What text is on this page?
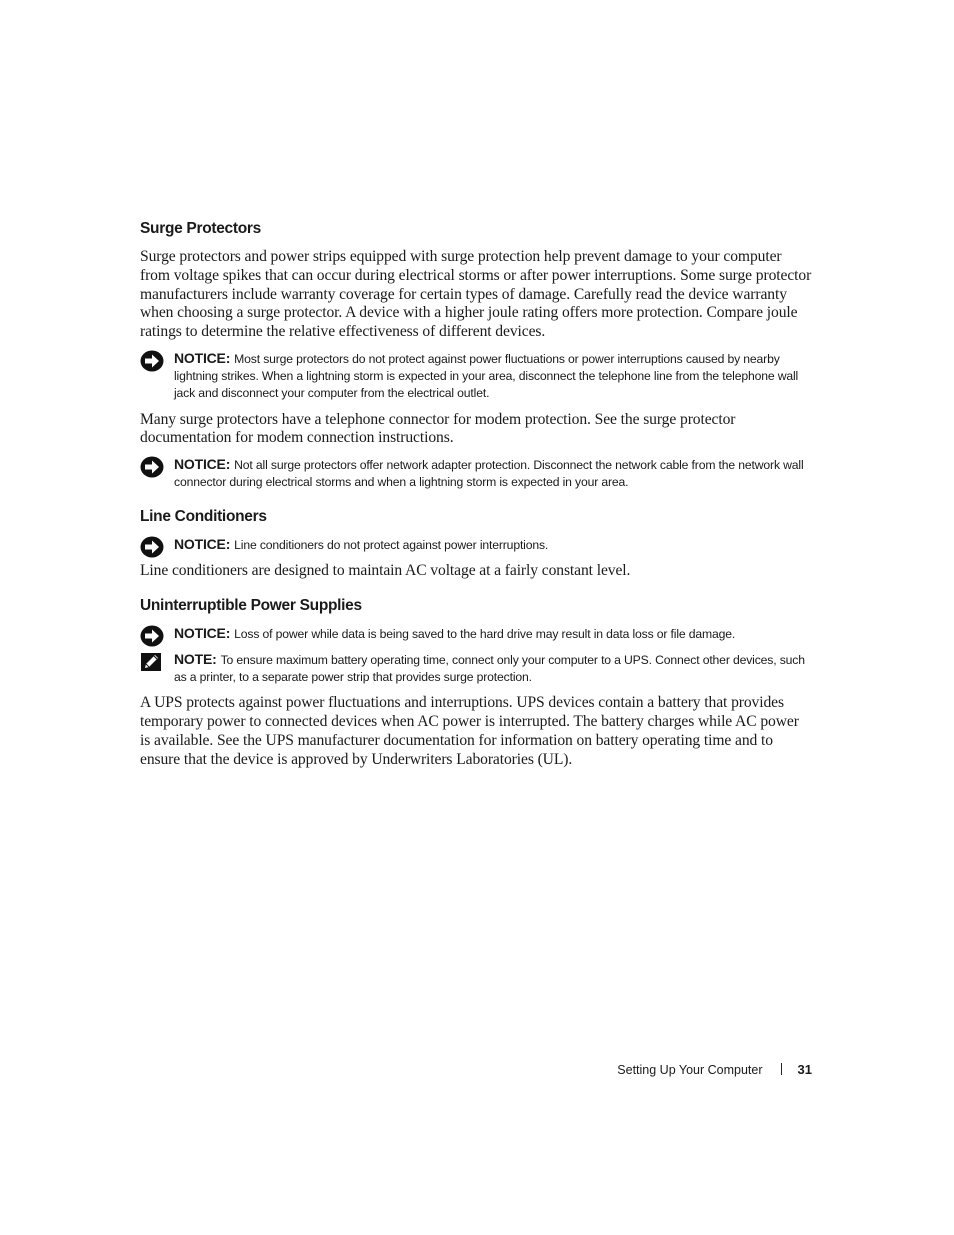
Surge Protectors

Surge protectors and power strips equipped with surge protection help prevent damage to your computer from voltage spikes that can occur during electrical storms or after power interruptions. Some surge protector manufacturers include warranty coverage for certain types of damage. Carefully read the device warranty when choosing a surge protector. A device with a higher joule rating offers more protection. Compare joule ratings to determine the relative effectiveness of different devices.

NOTICE: Most surge protectors do not protect against power fluctuations or power interruptions caused by nearby lightning strikes. When a lightning storm is expected in your area, disconnect the telephone line from the telephone wall jack and disconnect your computer from the electrical outlet.

Many surge protectors have a telephone connector for modem protection. See the surge protector documentation for modem connection instructions.

NOTICE: Not all surge protectors offer network adapter protection. Disconnect the network cable from the network wall connector during electrical storms and when a lightning storm is expected in your area.
Line Conditioners
NOTICE: Line conditioners do not protect against power interruptions.

Line conditioners are designed to maintain AC voltage at a fairly constant level.

Uninterruptible Power Supplies
NOTICE: Loss of power while data is being saved to the hard drive may result in data loss or file damage.
NOTE: To ensure maximum battery operating time, connect only your computer to a UPS. Connect other devices, such as a printer, to a separate power strip that provides surge protection.

A UPS protects against power fluctuations and interruptions. UPS devices contain a battery that provides temporary power to connected devices when AC power is interrupted. The battery charges while AC power is available. See the UPS manufacturer documentation for information on battery operating time and to ensure that the device is approved by Underwriters Laboratories (UL).

Setting Up Your Computer	31
